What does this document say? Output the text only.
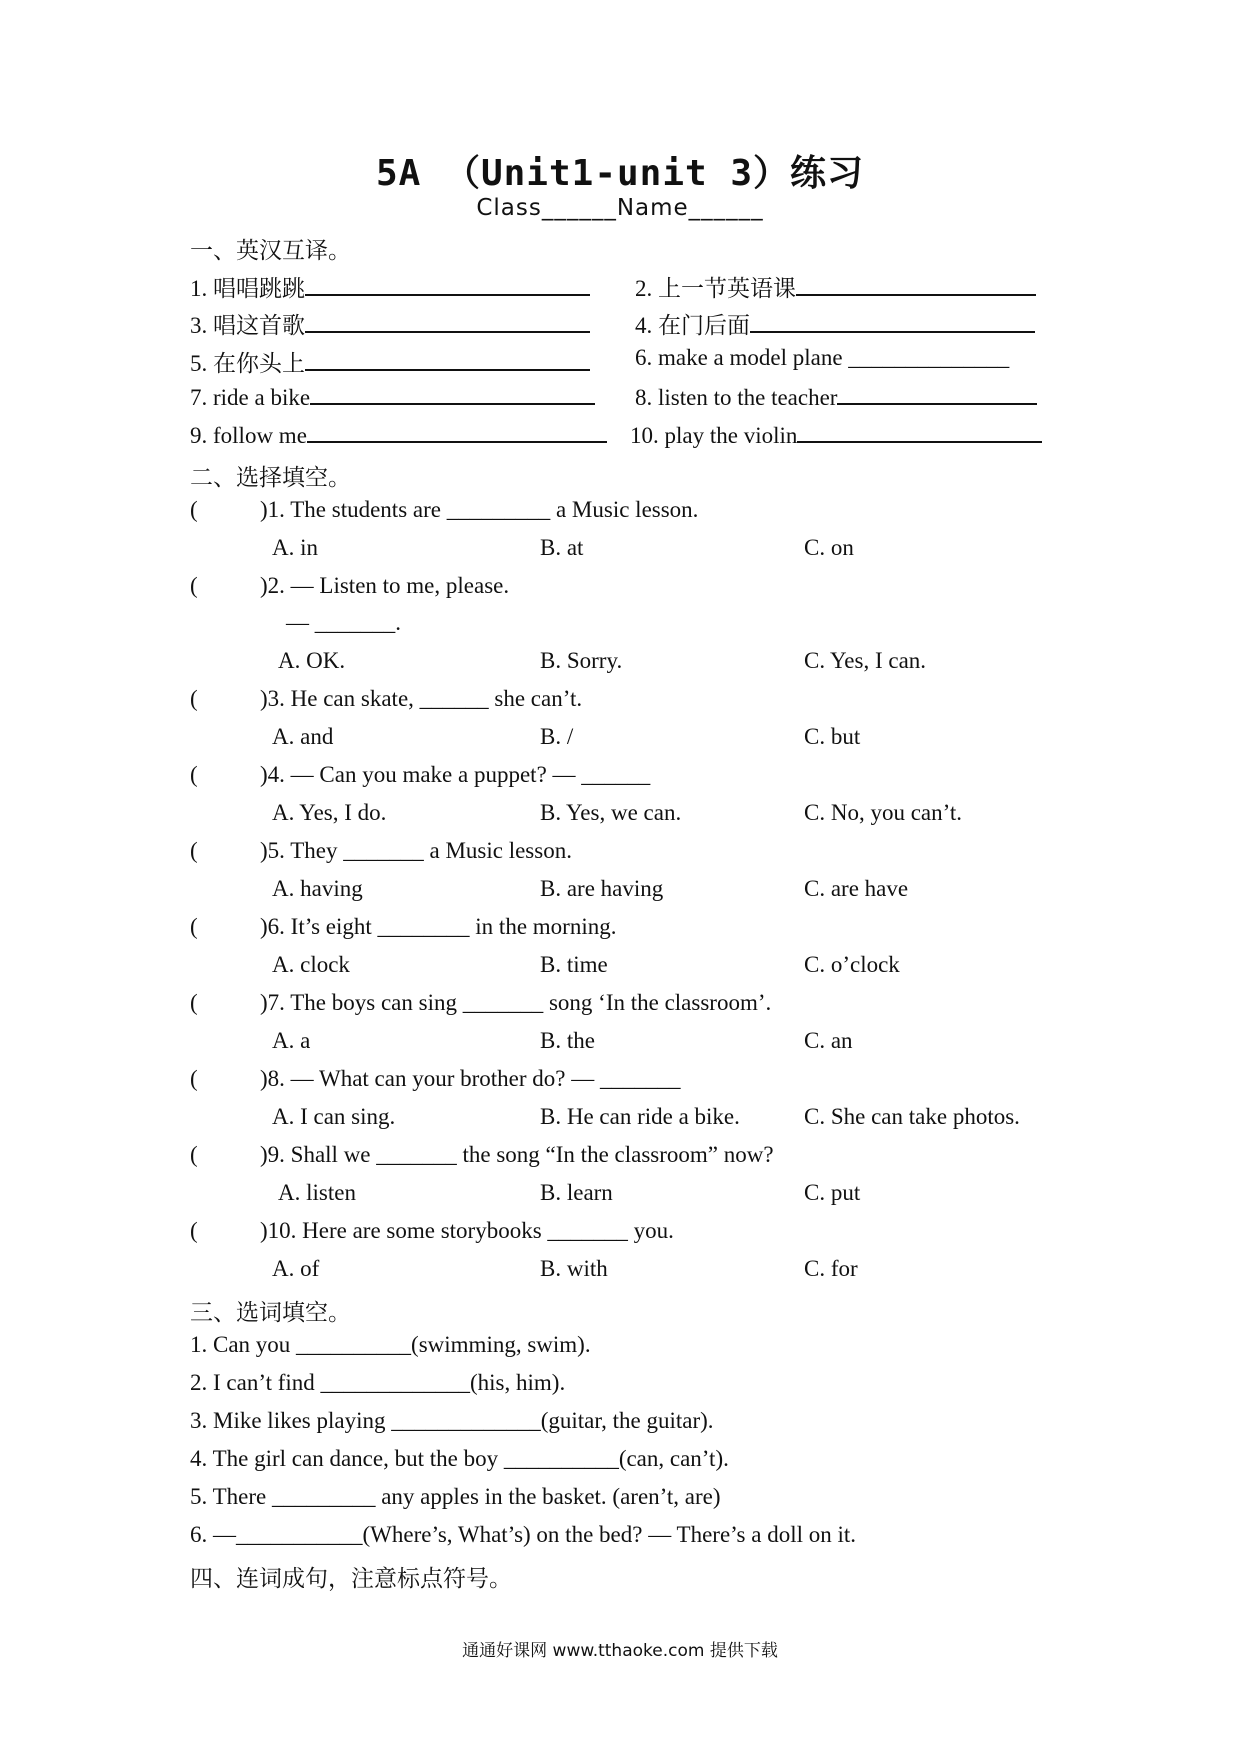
5A （Unit1-unit 3）练习
Class______Name______
一、英汉互译。
1. 唱唱跳跳	2. 上一节英语课
3. 唱这首歌	4. 在门后面
5. 在你头上	6. make a model plane ______________
7. ride a bike	8. listen to the teacher
9. follow me	10. play the violin
二、选择填空。
(	)1. The students are _________ a Music lesson.
A. in	B. at	C. on
(	)2. — Listen to me, please.
— _______.
A. OK.	B. Sorry.	C. Yes, I can.
(	)3. He can skate, ______ she can’t.
A. and	B. /	C. but
(	)4. — Can you make a puppet? — ______
A. Yes, I do.	B. Yes, we can.	C. No, you can’t.
(	)5. They _______ a Music lesson.
A. having	B. are having	C. are have
(	)6. It’s eight ________ in the morning.
A. clock	B. time	C. o’clock
(	)7. The boys can sing _______ song ‘In the classroom’.
A. a	B. the	C. an
(	)8. — What can your brother do? — _______
A. I can sing.	B. He can ride a bike.	C. She can take photos.
(	)9. Shall we _______ the song “In the classroom” now?
A. listen	B. learn	C. put
(	)10. Here are some storybooks _______ you.
A. of	B. with	C. for
三、选词填空。
1. Can you __________(swimming, swim).
2. I can’t find _____________(his, him).
3. Mike likes playing _____________(guitar, the guitar).
4. The girl can dance, but the boy __________(can, can’t).
5. There _________ any apples in the basket. (aren’t, are)
6. —___________(Where’s, What’s) on the bed? — There’s a doll on it.
四、连词成句，注意标点符号。
通通好课网 www.tthaoke.com 提供下载
